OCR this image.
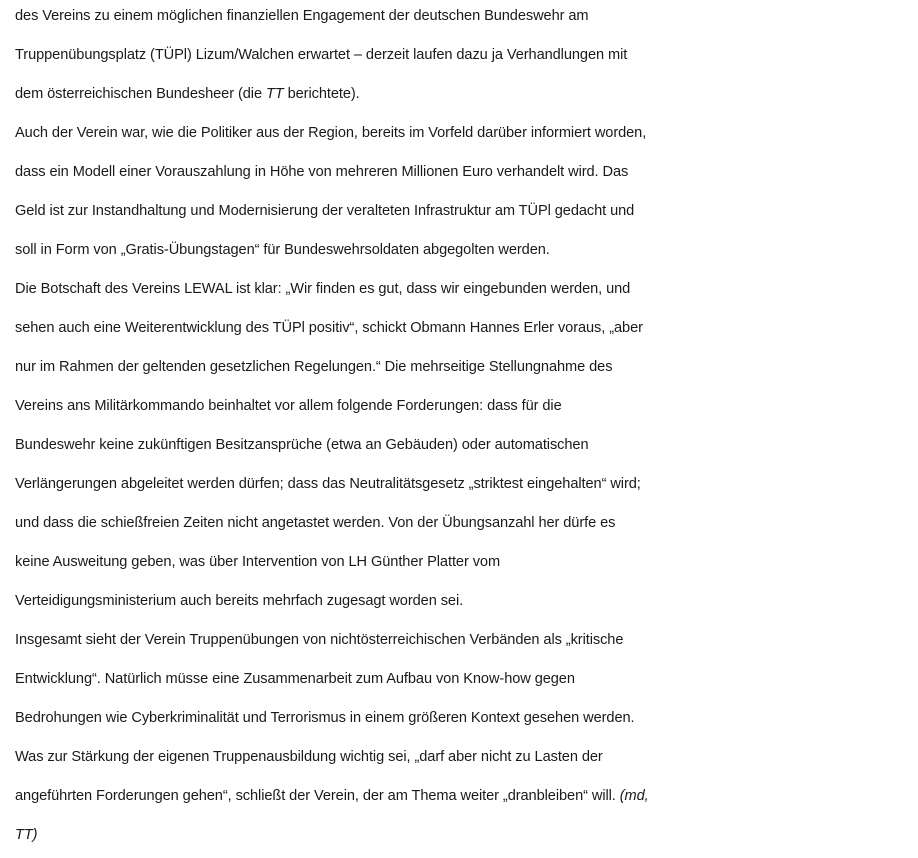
des Vereins zu einem möglichen finanziellen Engagement der deutschen Bundeswehr am
Truppenübungsplatz (TÜPl) Lizum/Walchen erwartet – derzeit laufen dazu ja Verhandlungen mit
dem österreichischen Bundesheer (die TT berichtete).
Auch der Verein war, wie die Politiker aus der Region, bereits im Vorfeld darüber informiert worden,
dass ein Modell einer Vorauszahlung in Höhe von mehreren Millionen Euro verhandelt wird. Das
Geld ist zur Instandhaltung und Modernisierung der veralteten Infrastruktur am TÜPl gedacht und
soll in Form von „Gratis-Übungstagen“ für Bundeswehrsoldaten abgegolten werden.
Die Botschaft des Vereins LEWAL ist klar: „Wir finden es gut, dass wir eingebunden werden, und
sehen auch eine Weiterentwicklung des TÜPl positiv“, schickt Obmann Hannes Erler voraus, „aber
nur im Rahmen der geltenden gesetzlichen Regelungen.“ Die mehrseitige Stellungnahme des
Vereins ans Militärkommando beinhaltet vor allem folgende Forderungen: dass für die
Bundeswehr keine zukünftigen Besitzansprüche (etwa an Gebäuden) oder automatischen
Verlängerungen abgeleitet werden dürfen; dass das Neutralitätsgesetz „striktest eingehalten“ wird;
und dass die schießfreien Zeiten nicht angetastet werden. Von der Übungsanzahl her dürfe es
keine Ausweitung geben, was über Intervention von LH Günther Platter vom
Verteidigungsministerium auch bereits mehrfach zugesagt worden sei.
Insgesamt sieht der Verein Truppenübungen von nichtösterreichischen Verbänden als „kritische
Entwicklung“. Natürlich müsse eine Zusammenarbeit zum Aufbau von Know-how gegen
Bedrohungen wie Cyberkriminalität und Terrorismus in einem größeren Kontext gesehen werden.
Was zur Stärkung der eigenen Truppenausbildung wichtig sei, „darf aber nicht zu Lasten der
angeführten Forderungen gehen“, schließt der Verein, der am Thema weiter „dranbleiben“ will. (md,
TT)
